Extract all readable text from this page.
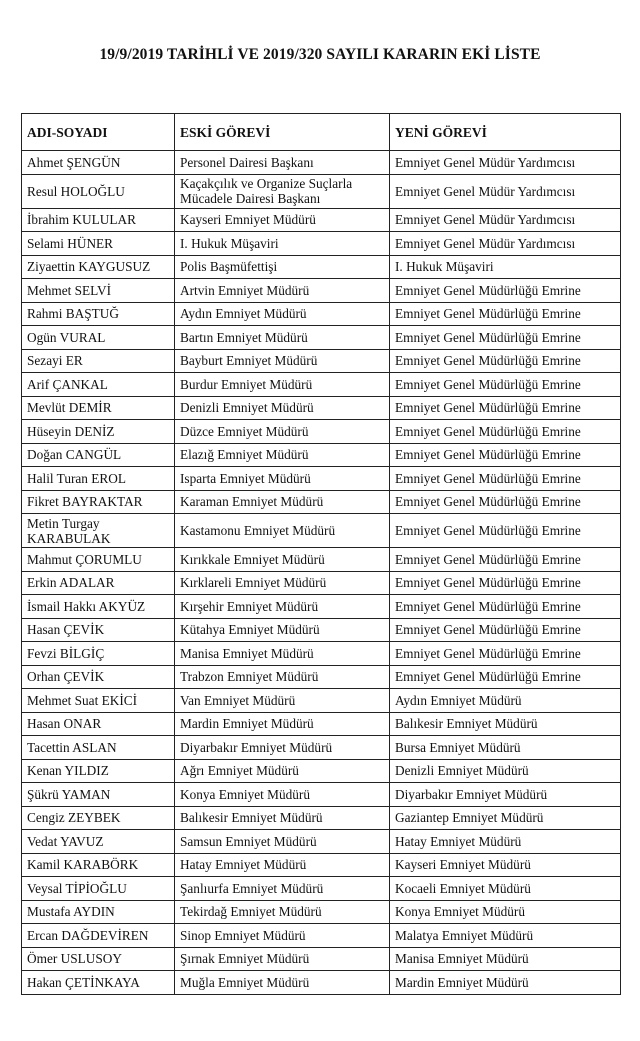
19/9/2019 TARİHLİ VE 2019/320 SAYILI KARARIN EKİ LİSTE
ADI-SOYADI	ESKİ GÖREVİ	YENİ GÖREVİ
Ahmet ŞENGÜN	Personel Dairesi Başkanı	Emniyet Genel Müdür Yardımcısı
Resul HOLOĞLU	Kaçakçılık ve Organize Suçlarla Mücadele Dairesi Başkanı	Emniyet Genel Müdür Yardımcısı
İbrahim KULULAR	Kayseri Emniyet Müdürü	Emniyet Genel Müdür Yardımcısı
Selami HÜNER	I. Hukuk Müşaviri	Emniyet Genel Müdür Yardımcısı
Ziyaettin KAYGUSUZ	Polis Başmüfettişi	I. Hukuk Müşaviri
Mehmet SELVİ	Artvin Emniyet Müdürü	Emniyet Genel Müdürlüğü Emrine
Rahmi BAŞTUĞ	Aydın Emniyet Müdürü	Emniyet Genel Müdürlüğü Emrine
Ogün VURAL	Bartın Emniyet Müdürü	Emniyet Genel Müdürlüğü Emrine
Sezayi ER	Bayburt Emniyet Müdürü	Emniyet Genel Müdürlüğü Emrine
Arif ÇANKAL	Burdur Emniyet Müdürü	Emniyet Genel Müdürlüğü Emrine
Mevlüt DEMİR	Denizli Emniyet Müdürü	Emniyet Genel Müdürlüğü Emrine
Hüseyin DENİZ	Düzce Emniyet Müdürü	Emniyet Genel Müdürlüğü Emrine
Doğan CANGÜL	Elazığ Emniyet Müdürü	Emniyet Genel Müdürlüğü Emrine
Halil Turan EROL	Isparta Emniyet Müdürü	Emniyet Genel Müdürlüğü Emrine
Fikret BAYRAKTAR	Karaman Emniyet Müdürü	Emniyet Genel Müdürlüğü Emrine
Metin Turgay KARABULAK	Kastamonu Emniyet Müdürü	Emniyet Genel Müdürlüğü Emrine
Mahmut ÇORUMLU	Kırıkkale Emniyet Müdürü	Emniyet Genel Müdürlüğü Emrine
Erkin ADALAR	Kırklareli Emniyet Müdürü	Emniyet Genel Müdürlüğü Emrine
İsmail Hakkı AKYÜZ	Kırşehir Emniyet Müdürü	Emniyet Genel Müdürlüğü Emrine
Hasan ÇEVİK	Kütahya Emniyet Müdürü	Emniyet Genel Müdürlüğü Emrine
Fevzi BİLGİÇ	Manisa Emniyet Müdürü	Emniyet Genel Müdürlüğü Emrine
Orhan ÇEVİK	Trabzon Emniyet Müdürü	Emniyet Genel Müdürlüğü Emrine
Mehmet Suat EKİCİ	Van Emniyet Müdürü	Aydın Emniyet Müdürü
Hasan ONAR	Mardin Emniyet Müdürü	Balıkesir Emniyet Müdürü
Tacettin ASLAN	Diyarbakır Emniyet Müdürü	Bursa Emniyet Müdürü
Kenan YILDIZ	Ağrı Emniyet Müdürü	Denizli Emniyet Müdürü
Şükrü YAMAN	Konya Emniyet Müdürü	Diyarbakır Emniyet Müdürü
Cengiz ZEYBEK	Balıkesir Emniyet Müdürü	Gaziantep Emniyet Müdürü
Vedat YAVUZ	Samsun Emniyet Müdürü	Hatay Emniyet Müdürü
Kamil KARABÖRK	Hatay Emniyet Müdürü	Kayseri Emniyet Müdürü
Veysal TİPİOĞLU	Şanlıurfa Emniyet Müdürü	Kocaeli Emniyet Müdürü
Mustafa AYDIN	Tekirdağ Emniyet Müdürü	Konya Emniyet Müdürü
Ercan DAĞDEVİREN	Sinop Emniyet Müdürü	Malatya Emniyet Müdürü
Ömer USLUSOY	Şırnak Emniyet Müdürü	Manisa Emniyet Müdürü
Hakan ÇETİNKAYA	Muğla Emniyet Müdürü	Mardin Emniyet Müdürü
